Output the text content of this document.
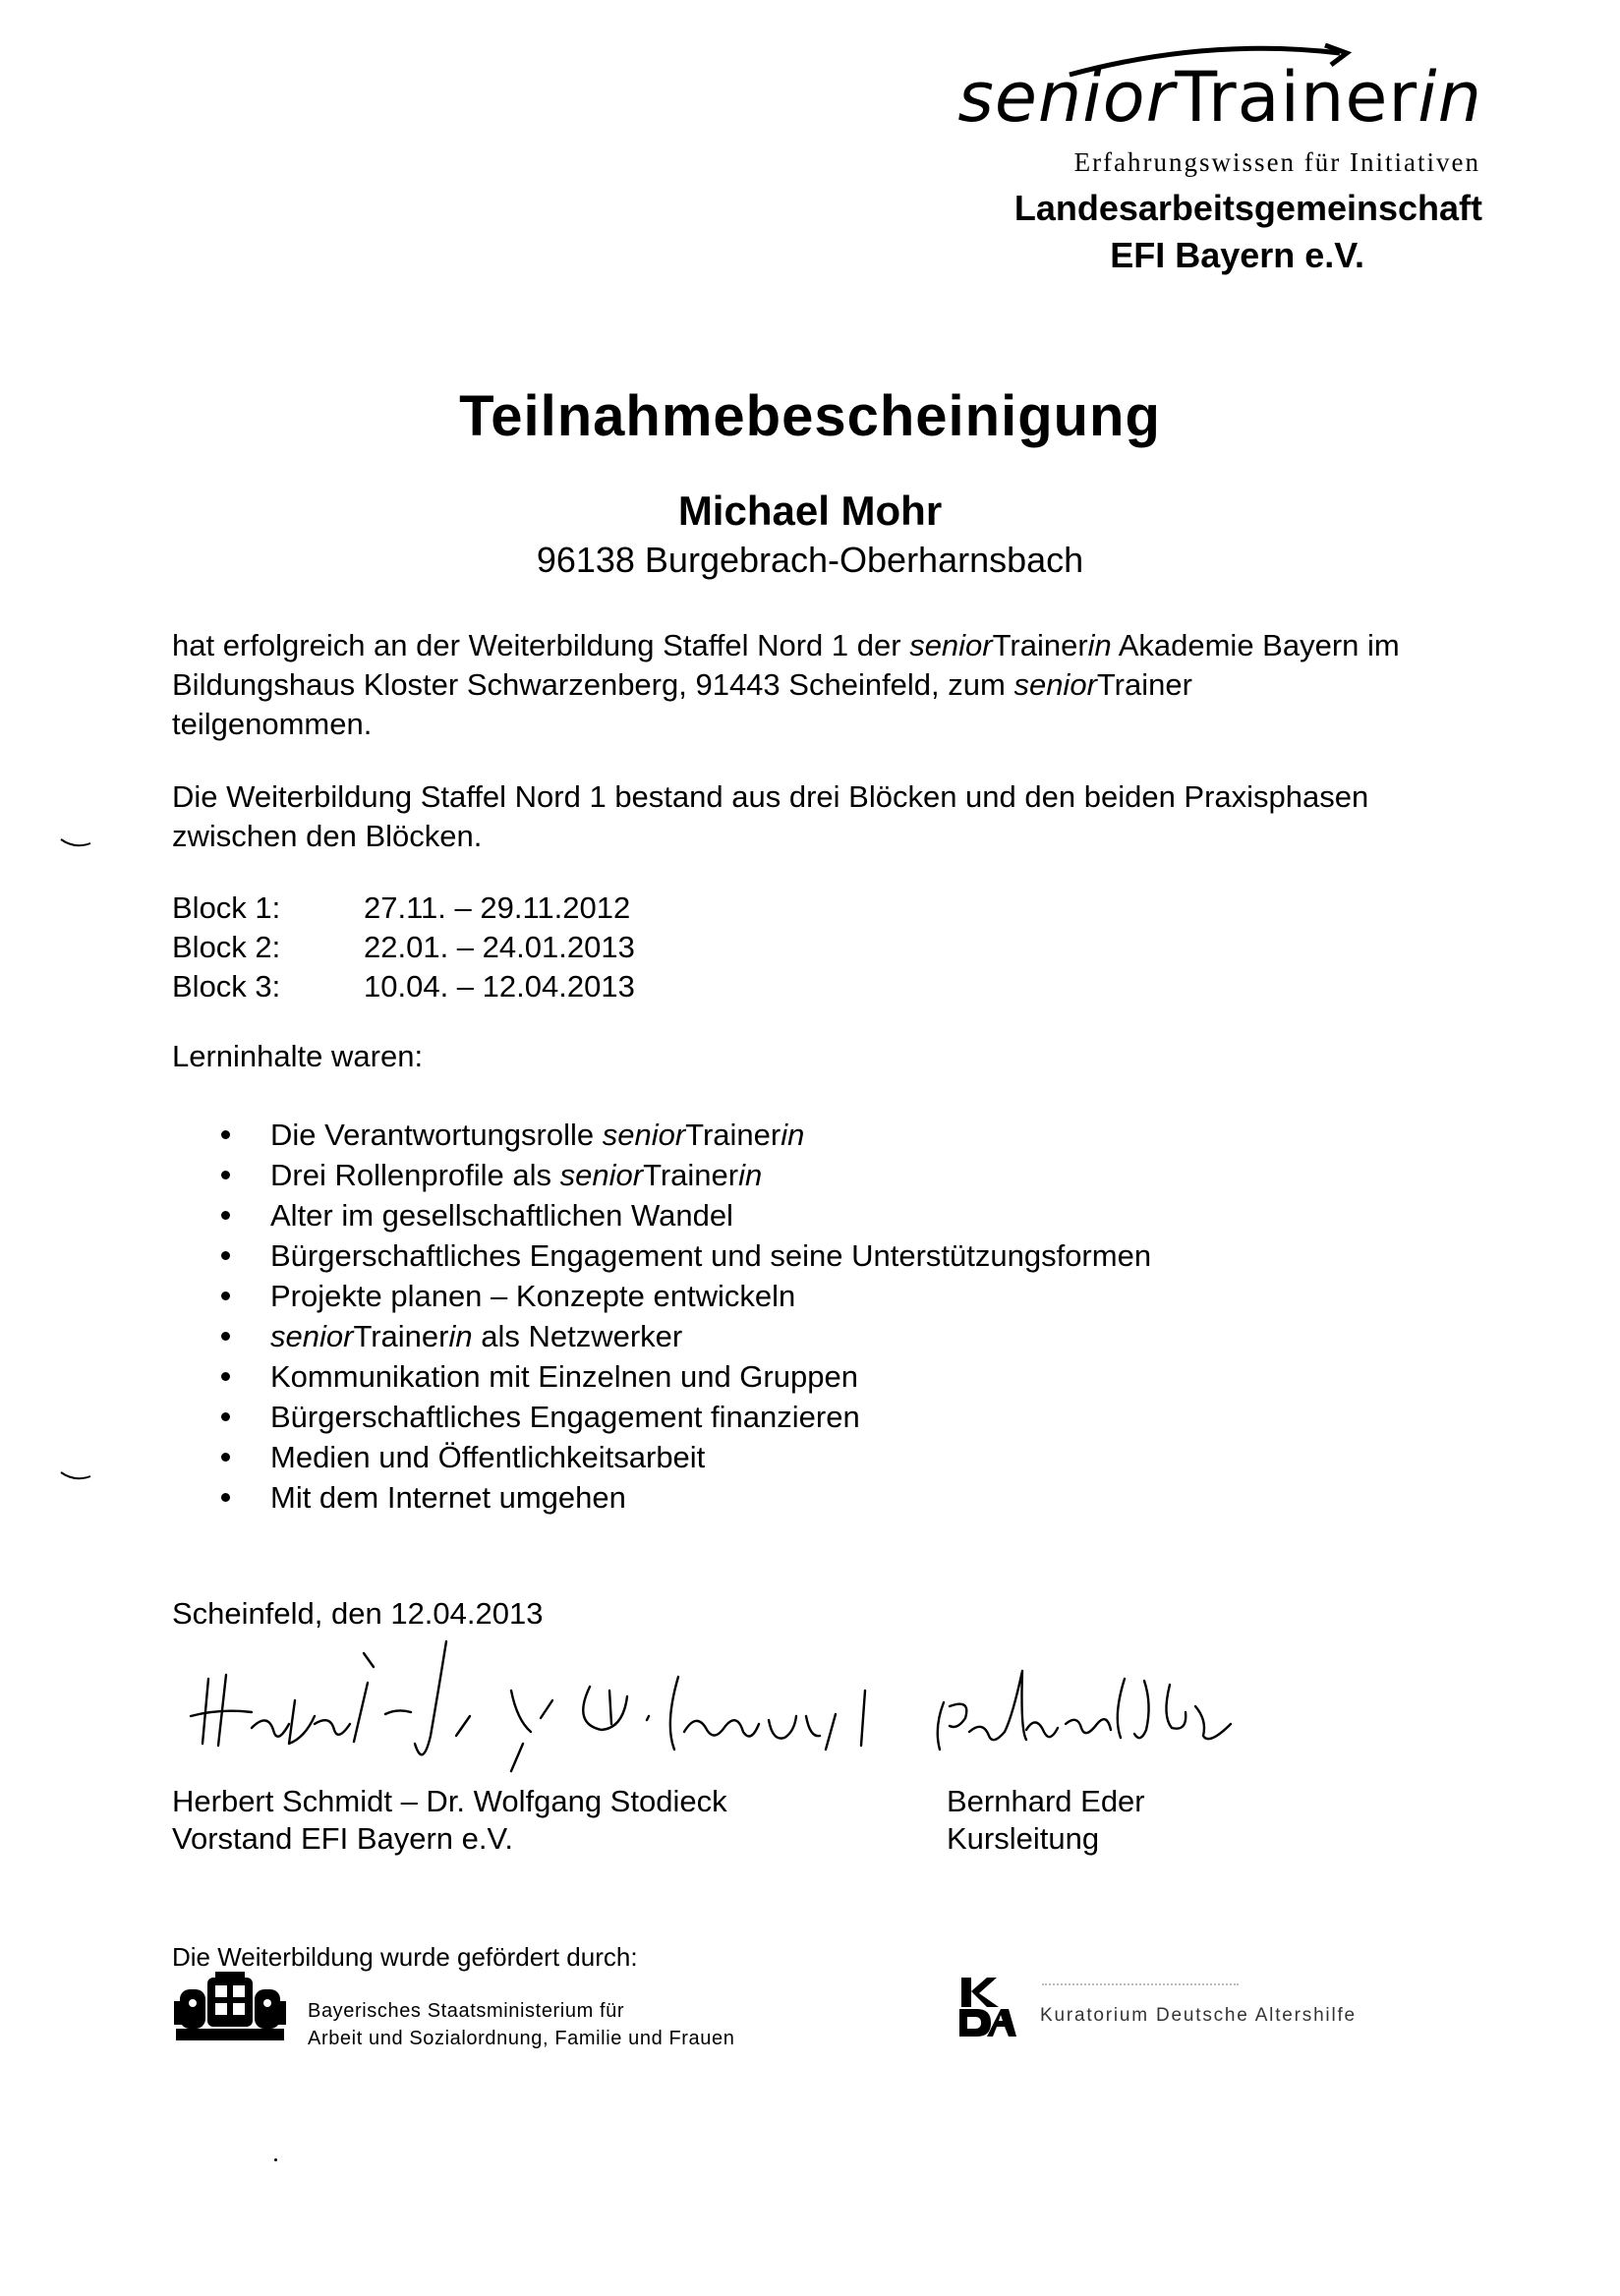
seniorTrainerin
Erfahrungswissen für Initiativen
Landesarbeitsgemeinschaft
EFI Bayern e.V.
Teilnahmebescheinigung
Michael Mohr
96138 Burgebrach-Oberharnsbach
hat erfolgreich an der Weiterbildung Staffel Nord 1 der seniorTrainerin Akademie Bayern im Bildungshaus Kloster Schwarzenberg, 91443 Scheinfeld, zum seniorTrainer
teilgenommen.
Die Weiterbildung Staffel Nord 1 bestand aus drei Blöcken und den beiden Praxisphasen zwischen den Blöcken.
Block 1:	27.11. – 29.11.2012
Block 2:	22.01. – 24.01.2013
Block 3:	10.04. – 12.04.2013
Lerninhalte waren:
Die Verantwortungsrolle seniorTrainerin
Drei Rollenprofile als seniorTrainerin
Alter im gesellschaftlichen Wandel
Bürgerschaftliches Engagement und seine Unterstützungsformen
Projekte planen – Konzepte entwickeln
seniorTrainerin als Netzwerker
Kommunikation mit Einzelnen und Gruppen
Bürgerschaftliches Engagement finanzieren
Medien und Öffentlichkeitsarbeit
Mit dem Internet umgehen
Scheinfeld, den 12.04.2013
Herbert Schmidt – Dr. Wolfgang Stodieck
Vorstand EFI Bayern e.V.
Bernhard Eder
Kursleitung
Die Weiterbildung wurde gefördert durch:
Bayerisches Staatsministerium für
Arbeit und Sozialordnung, Familie und Frauen
Kuratorium Deutsche Altershilfe
